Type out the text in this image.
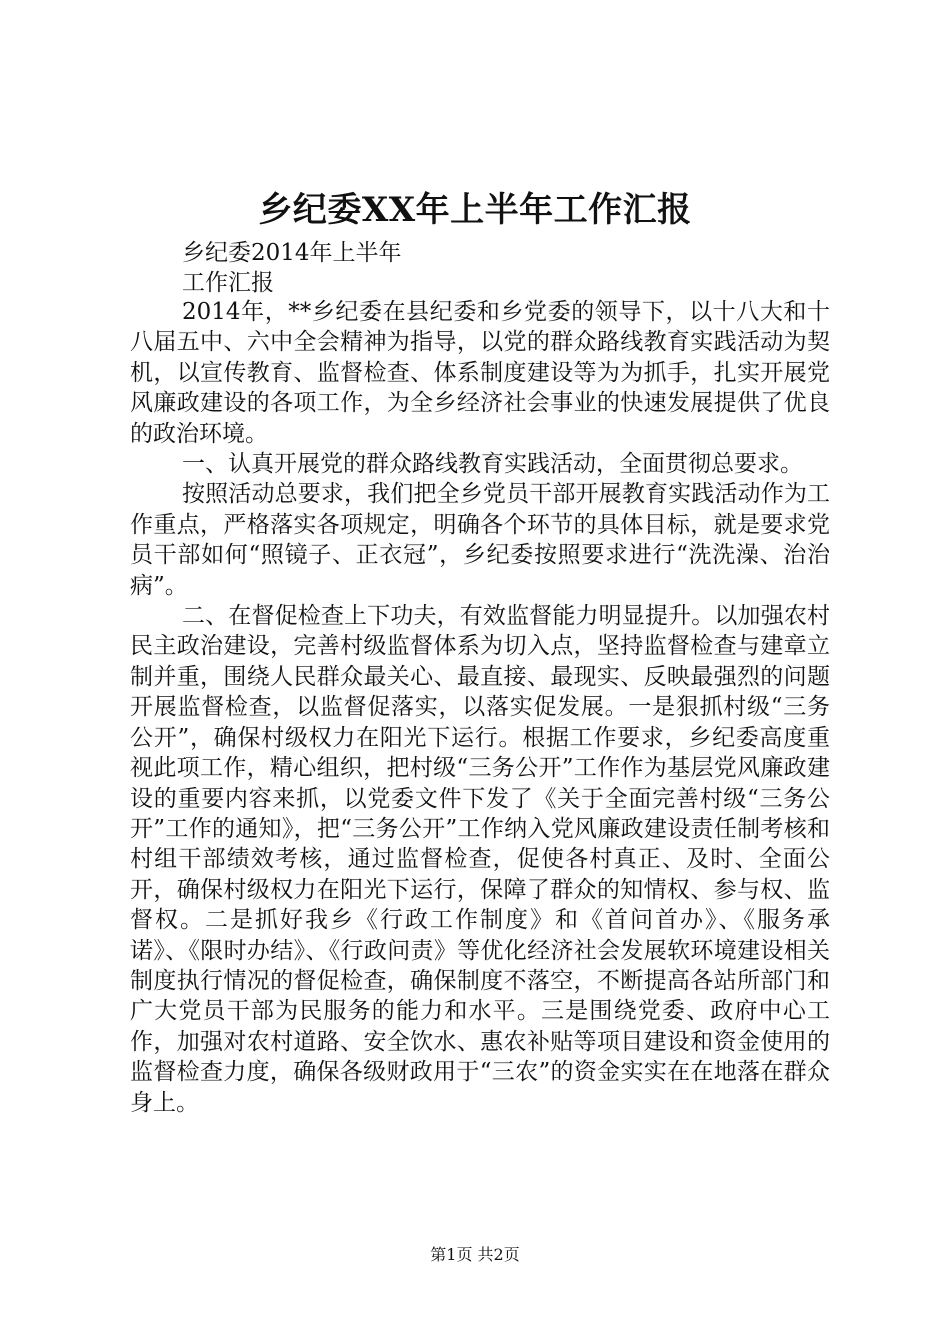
乡纪委XX年上半年工作汇报
乡纪委2014年上半年
工作汇报

2014年，**乡纪委在县纪委和乡党委的领导下，以十八大和十八届五中、六中全会精神为指导，以党的群众路线教育实践活动为契机，以宣传教育、监督检查、体系制度建设等为为抓手，扎实开展党风廉政建设的各项工作，为全乡经济社会事业的快速发展提供了优良的政治环境。

一、认真开展党的群众路线教育实践活动，全面贯彻总要求。

按照活动总要求，我们把全乡党员干部开展教育实践活动作为工作重点，严格落实各项规定，明确各个环节的具体目标，就是要求党员干部如何“照镜子、正衣冠”，乡纪委按照要求进行“洗洗澡、治治病”。

二、在督促检查上下功夫，有效监督能力明显提升。以加强农村民主政治建设，完善村级监督体系为切入点，坚持监督检查与建章立制并重，围绕人民群众最关心、最直接、最现实、反映最强烈的问题开展监督检查，以监督促落实，以落实促发展。一是狠抓村级“三务公开”，确保村级权力在阳光下运行。根据工作要求，乡纪委高度重视此项工作，精心组织，把村级“三务公开”工作作为基层党风廉政建设的重要内容来抓，以党委文件下发了《关于全面完善村级“三务公开”工作的通知》，把“三务公开”工作纳入党风廉政建设责任制考核和村组干部绩效考核，通过监督检查，促使各村真正、及时、全面公开，确保村级权力在阳光下运行，保障了群众的知情权、参与权、监督权。二是抓好我乡《行政工作制度》和《首问首办》、《服务承诺》、《限时办结》、《行政问责》等优化经济社会发展软环境建设相关制度执行情况的督促检查，确保制度不落空，不断提高各站所部门和广大党员干部为民服务的能力和水平。三是围绕党委、政府中心工作，加强对农村道路、安全饮水、惠农补贴等项目建设和资金使用的监督检查力度，确保各级财政用于“三农”的资金实实在在地落在群众身上。

第1页 共2页
